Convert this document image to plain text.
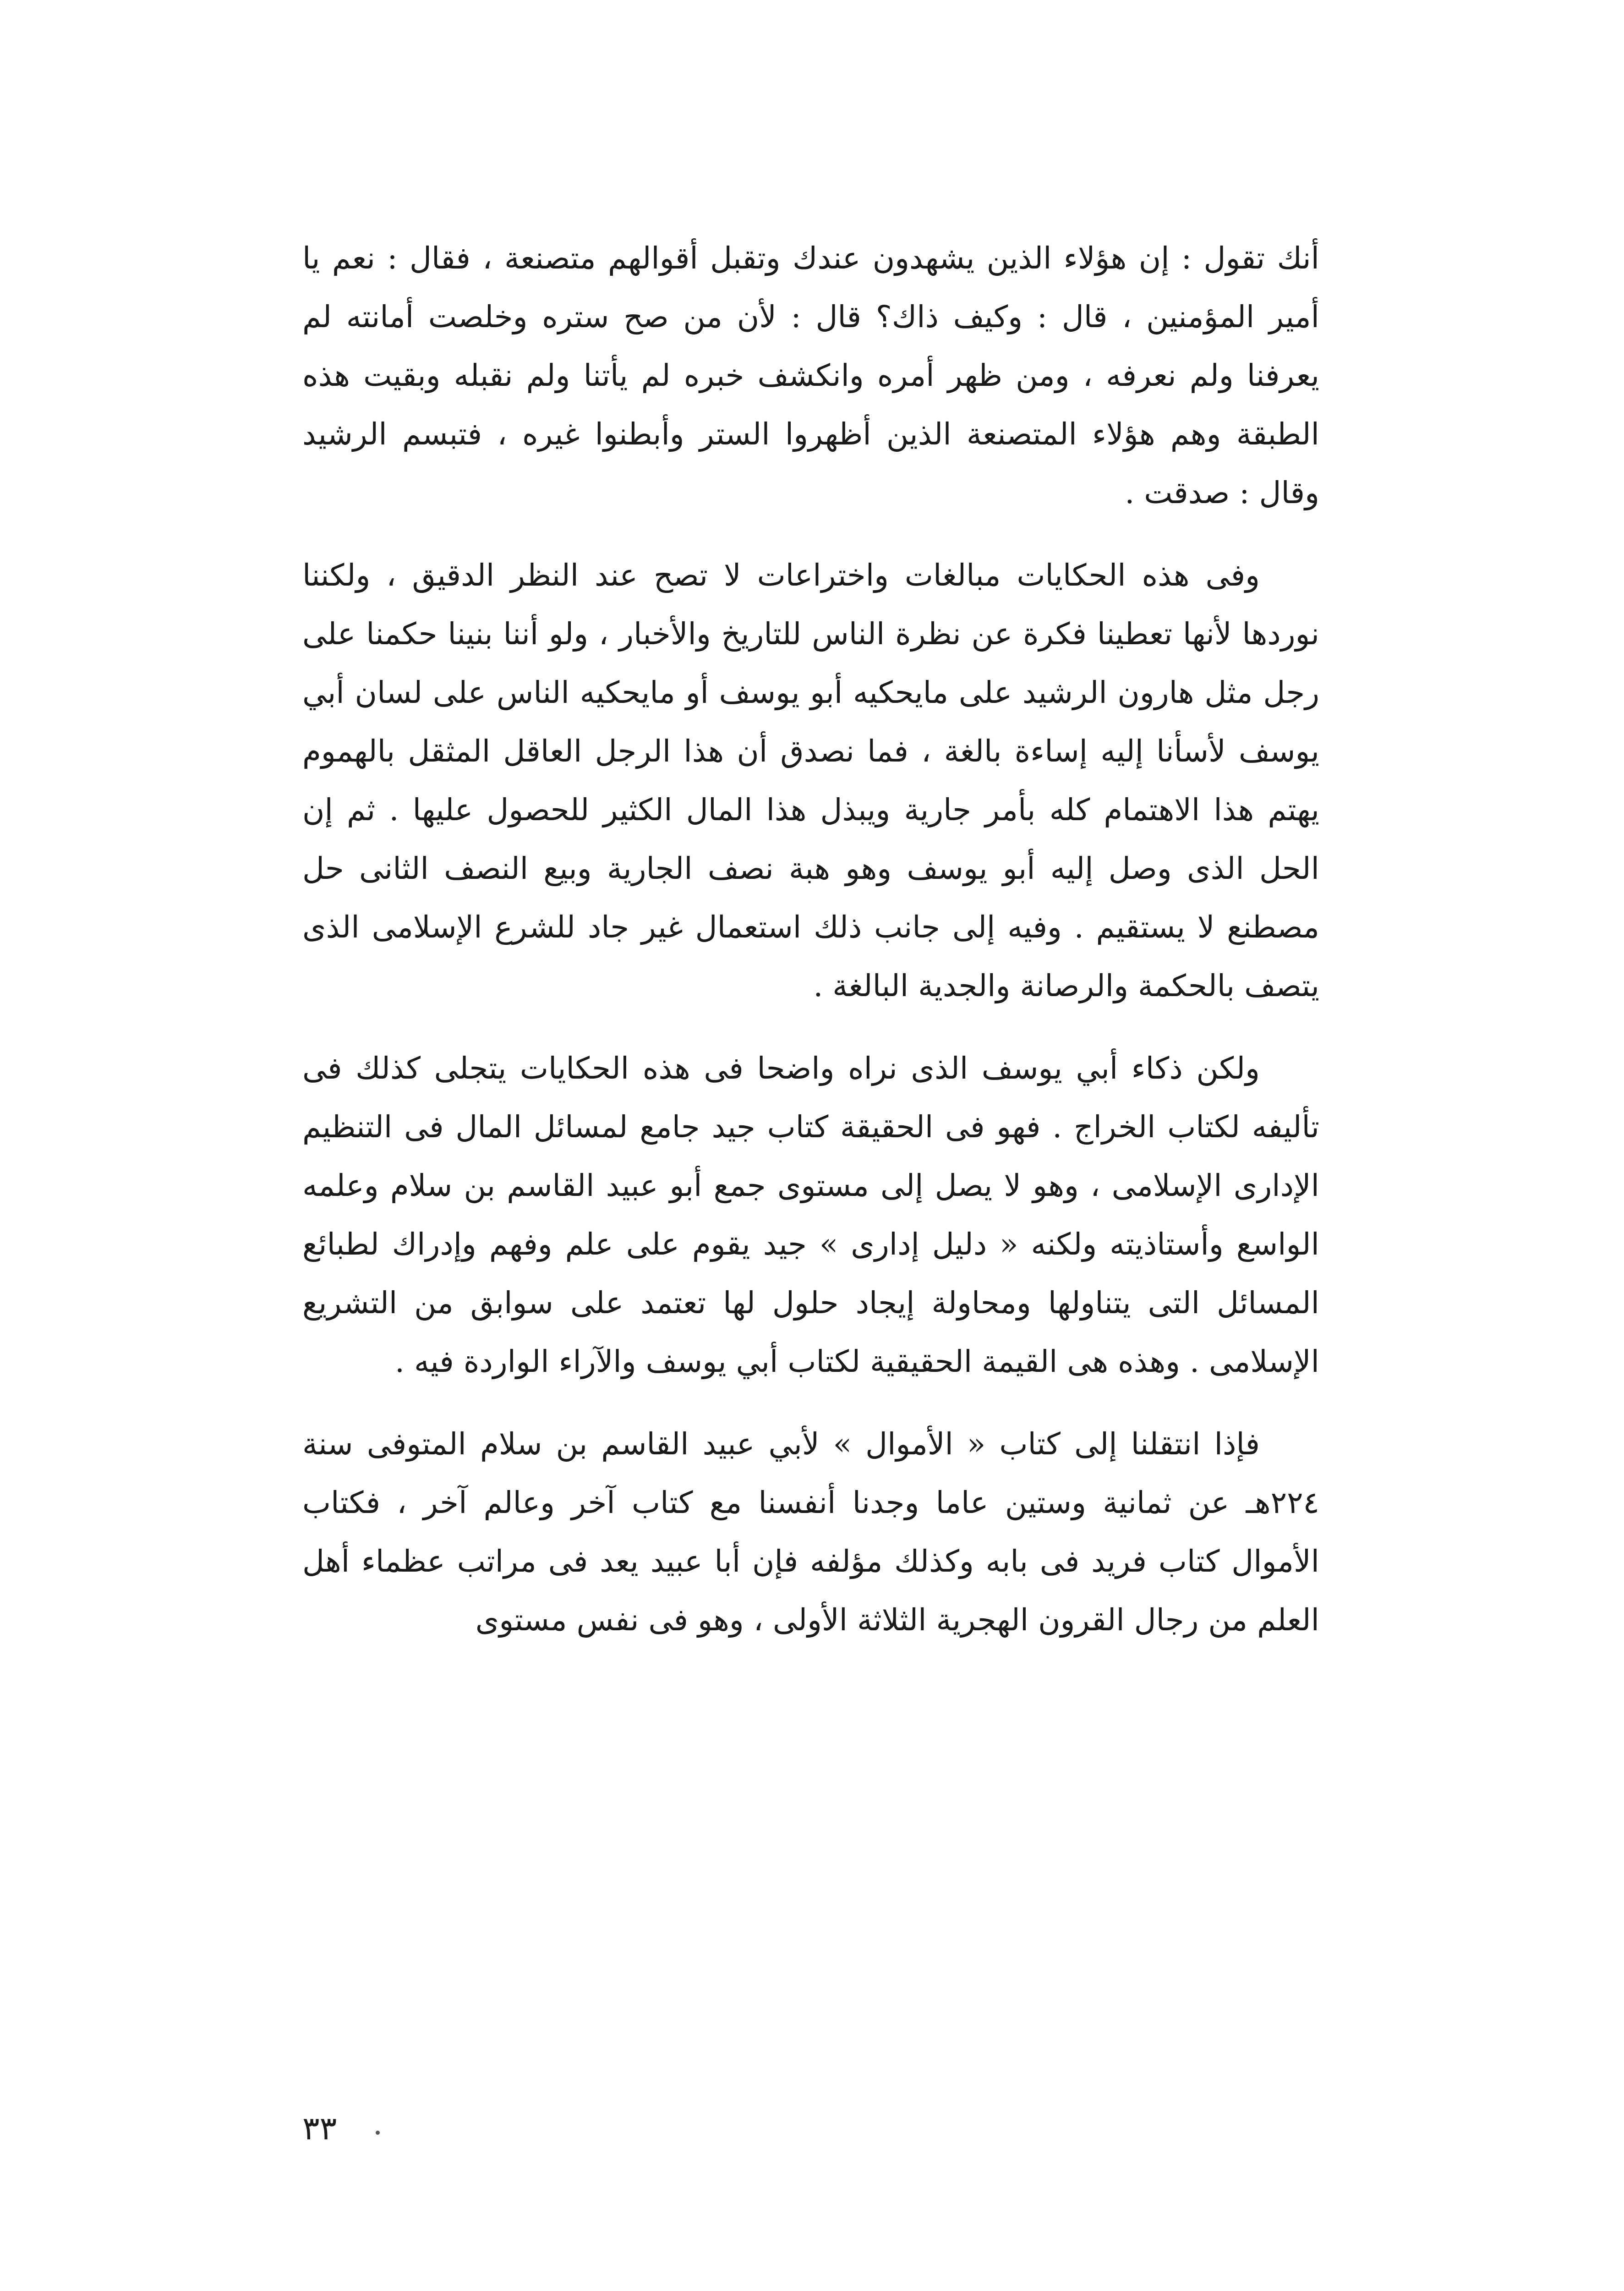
أنك تقول : إن هؤلاء الذين يشهدون عندك وتقبل أقوالهم متصنعة ، فقال : نعم يا أمير المؤمنين ، قال : وكيف ذاك؟ قال : لأن من صح ستره وخلصت أمانته لم يعرفنا ولم نعرفه ، ومن ظهر أمره وانكشف خبره لم يأتنا ولم نقبله وبقيت هذه الطبقة وهم هؤلاء المتصنعة الذين أظهروا الستر وأبطنوا غيره ، فتبسم الرشيد وقال : صدقت .

وفى هذه الحكايات مبالغات واختراعات لا تصح عند النظر الدقيق ، ولكننا نوردها لأنها تعطينا فكرة عن نظرة الناس للتاريخ والأخبار ، ولو أننا بنينا حكمنا على رجل مثل هارون الرشيد على مايحكيه أبو يوسف أو مايحكيه الناس على لسان أبي يوسف لأسأنا إليه إساءة بالغة ، فما نصدق أن هذا الرجل العاقل المثقل بالهموم يهتم هذا الاهتمام كله بأمر جارية ويبذل هذا المال الكثير للحصول عليها . ثم إن الحل الذى وصل إليه أبو يوسف وهو هبة نصف الجارية وبيع النصف الثانى حل مصطنع لا يستقيم . وفيه إلى جانب ذلك استعمال غير جاد للشرع الإسلامى الذى يتصف بالحكمة والرصانة والجدية البالغة .

ولكن ذكاء أبي يوسف الذى نراه واضحا فى هذه الحكايات يتجلى كذلك فى تأليفه لكتاب الخراج . فهو فى الحقيقة كتاب جيد جامع لمسائل المال فى التنظيم الإدارى الإسلامى ، وهو لا يصل إلى مستوى جمع أبو عبيد القاسم بن سلام وعلمه الواسع وأستاذيته ولكنه « دليل إدارى » جيد يقوم على علم وفهم وإدراك لطبائع المسائل التى يتناولها ومحاولة إيجاد حلول لها تعتمد على سوابق من التشريع الإسلامى . وهذه هى القيمة الحقيقية لكتاب أبي يوسف والآراء الواردة فيه .

فإذا انتقلنا إلى كتاب « الأموال » لأبي عبيد القاسم بن سلام المتوفى سنة ٢٢٤هـ عن ثمانية وستين عاما وجدنا أنفسنا مع كتاب آخر وعالم آخر ، فكتاب الأموال كتاب فريد فى بابه وكذلك مؤلفه فإن أبا عبيد يعد فى مراتب عظماء أهل العلم من رجال القرون الهجرية الثلاثة الأولى ، وهو فى نفس مستوى

٣٣
